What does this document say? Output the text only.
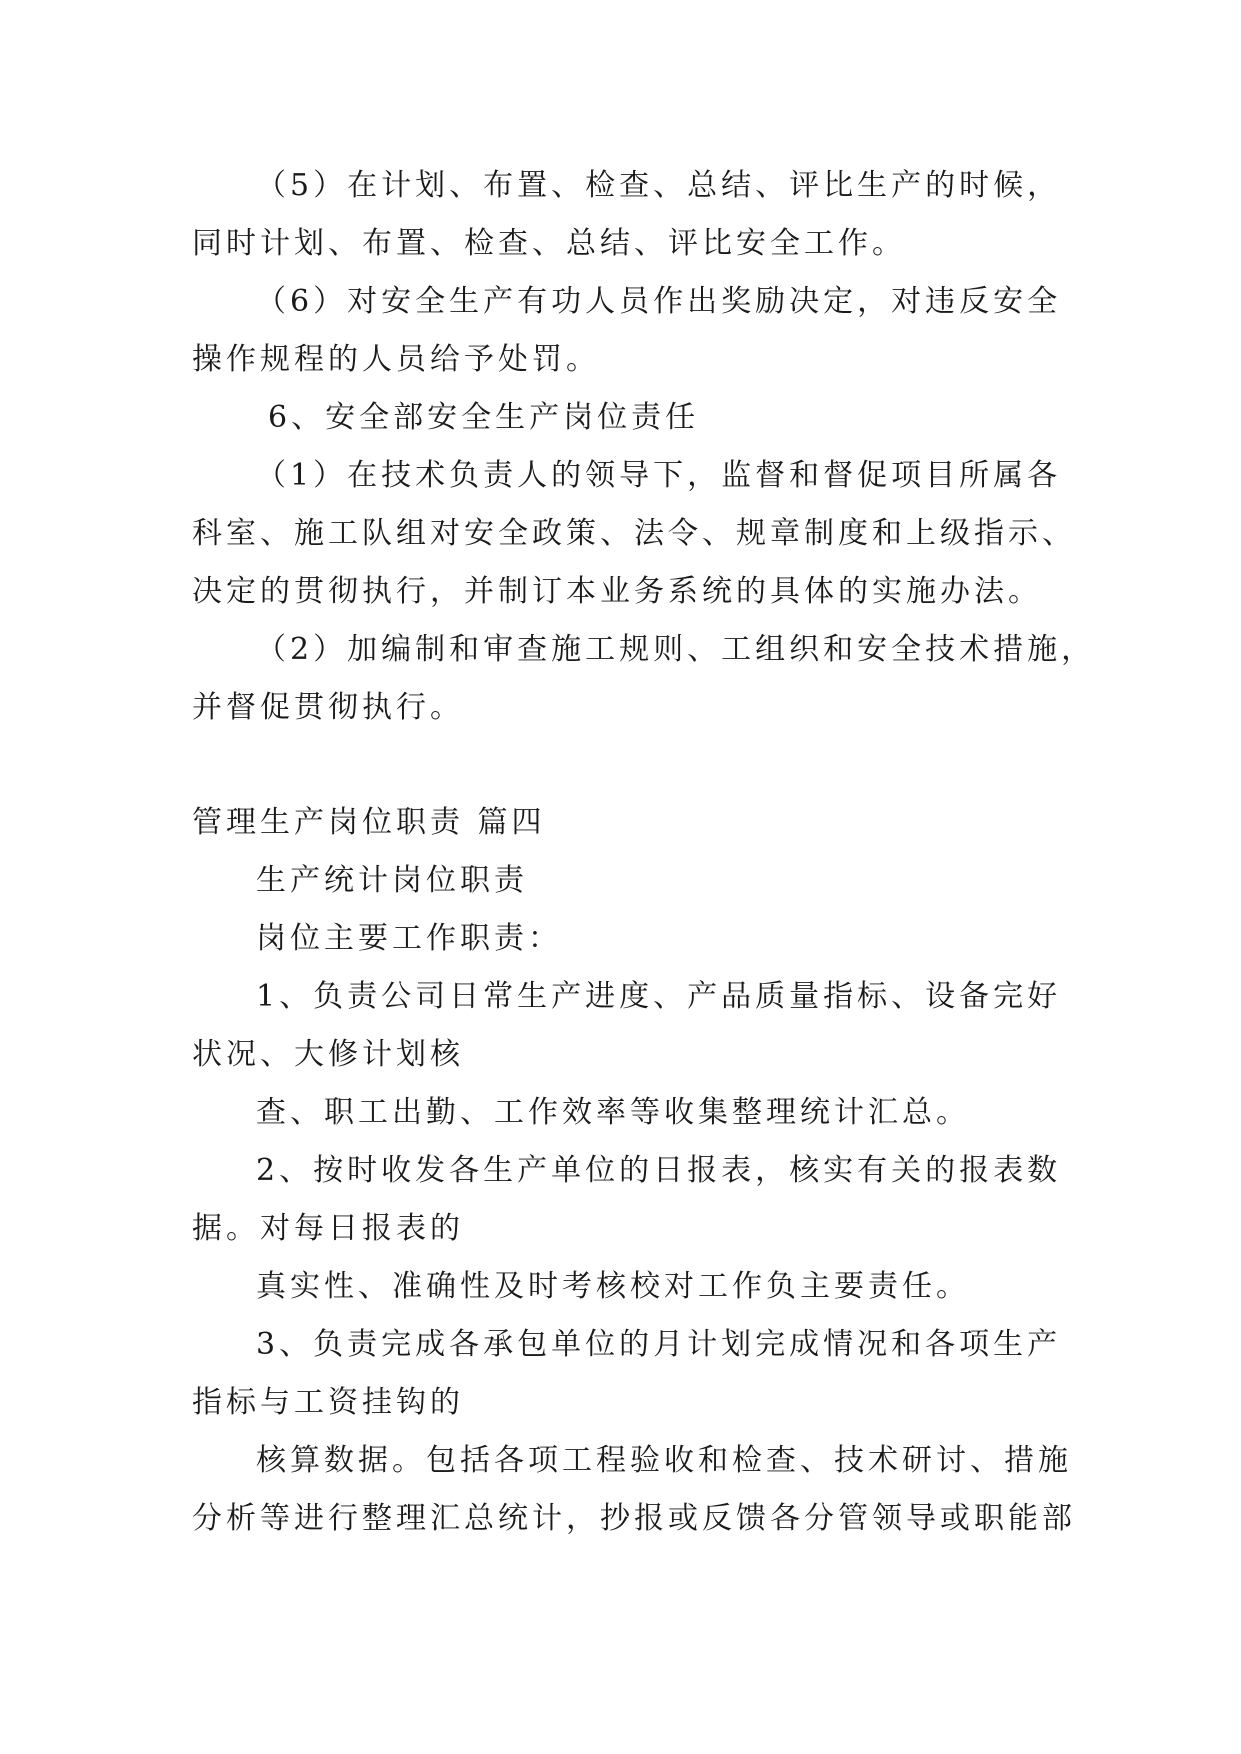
（5）在计划、布置、检查、总结、评比生产的时候，
同时计划、布置、检查、总结、评比安全工作。
（6）对安全生产有功人员作出奖励决定，对违反安全
操作规程的人员给予处罚。
6、安全部安全生产岗位责任
（1）在技术负责人的领导下，监督和督促项目所属各
科室、施工队组对安全政策、法令、规章制度和上级指示、
决定的贯彻执行，并制订本业务系统的具体的实施办法。
（2）加编制和审查施工规则、工组织和安全技术措施，
并督促贯彻执行。
管理生产岗位职责 篇四
生产统计岗位职责
岗位主要工作职责：
1、负责公司日常生产进度、产品质量指标、设备完好
状况、大修计划核
查、职工出勤、工作效率等收集整理统计汇总。
2、按时收发各生产单位的日报表，核实有关的报表数
据。对每日报表的
真实性、准确性及时考核校对工作负主要责任。
3、负责完成各承包单位的月计划完成情况和各项生产
指标与工资挂钩的
核算数据。包括各项工程验收和检查、技术研讨、措施
分析等进行整理汇总统计，抄报或反馈各分管领导或职能部
